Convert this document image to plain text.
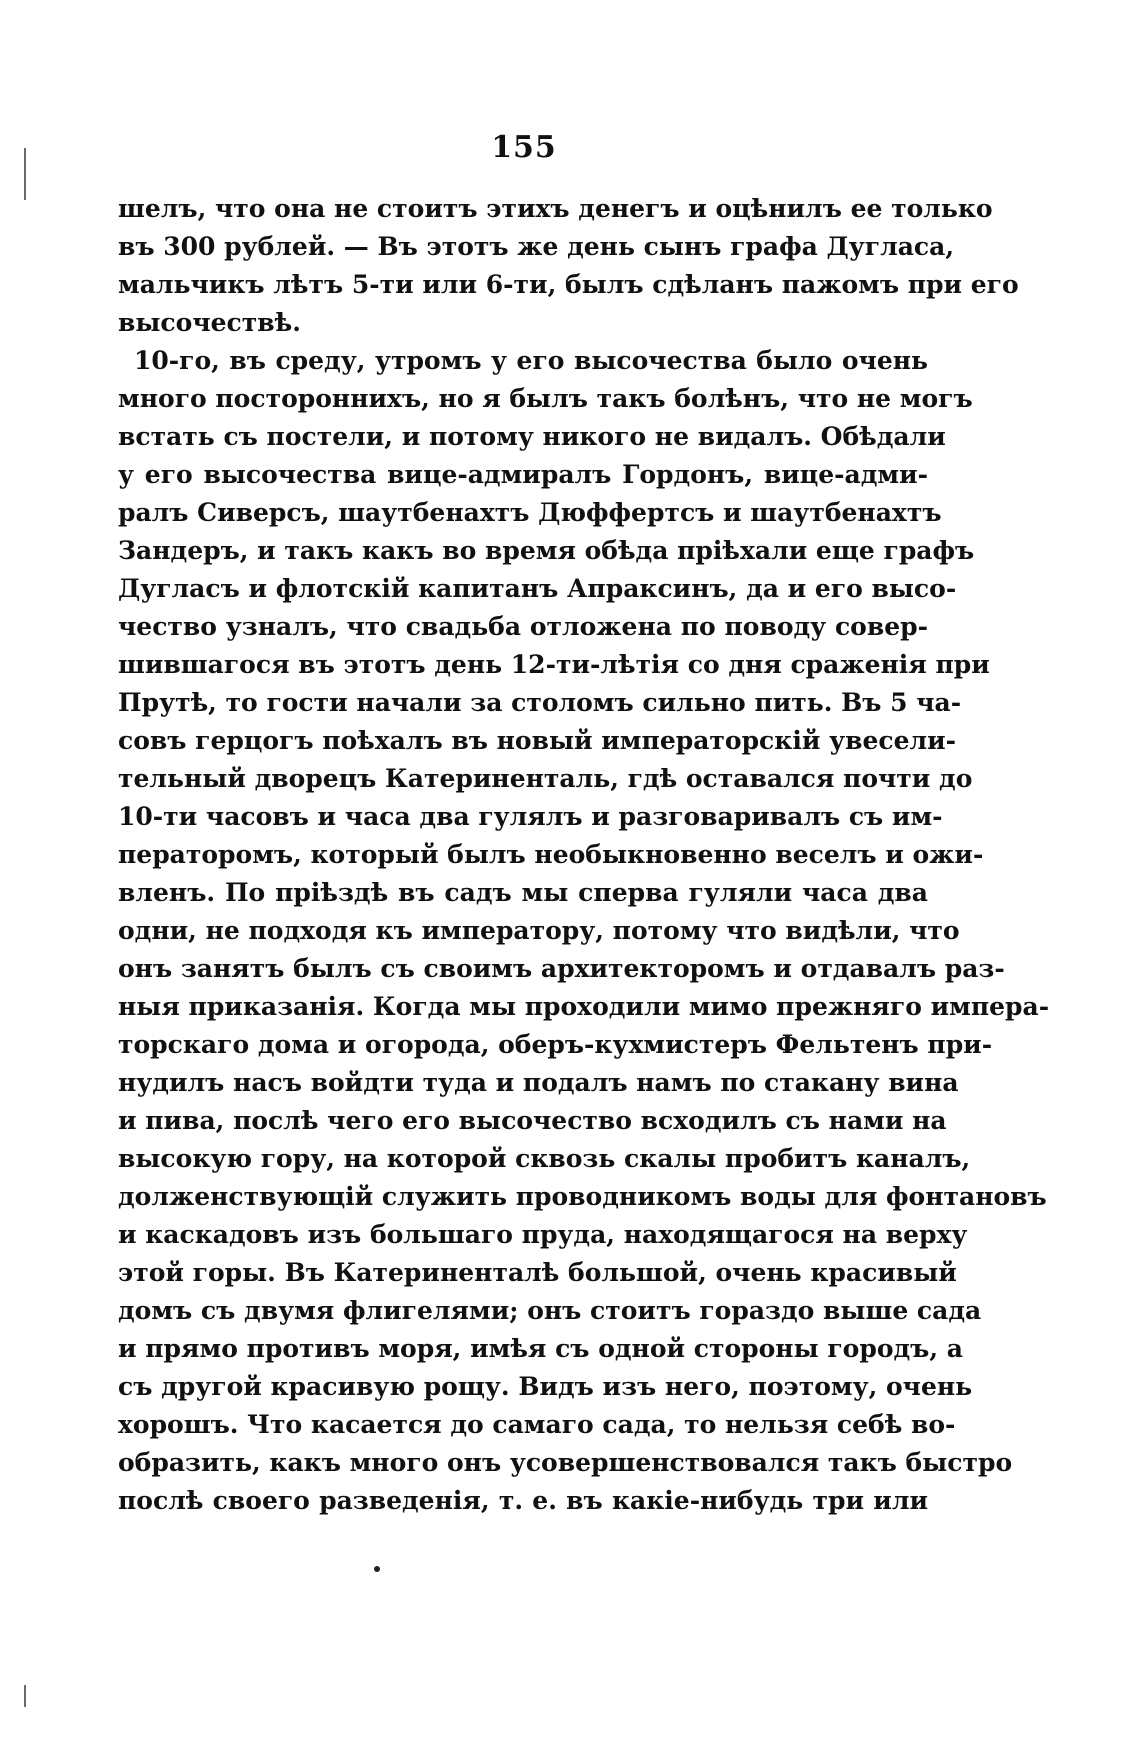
155
шелъ, что она не стоитъ этихъ денегъ и оцѣнилъ ее только
въ 300 рублей. — Въ этотъ же день сынъ графа Дугласа,
мальчикъ лѣтъ 5-ти или 6-ти, былъ сдѣланъ пажомъ при его
высочествѣ.
10-го, въ среду, утромъ у его высочества было очень
много постороннихъ, но я былъ такъ болѣнъ, что не могъ
встать съ постели, и потому никого не видалъ. Обѣдали
у его высочества вице-адмиралъ Гордонъ, вице-адми-
ралъ Сиверсъ, шаутбенахтъ Дюффертсъ и шаутбенахтъ
Зандеръ, и такъ какъ во время обѣда пріѣхали еще графъ
Дугласъ и флотскій капитанъ Апраксинъ, да и его высо-
чество узналъ, что свадьба отложена по поводу совер-
шившагося въ этотъ день 12-ти-лѣтія со дня сраженія при
Прутѣ, то гости начали за столомъ сильно пить. Въ 5 ча-
совъ герцогъ поѣхалъ въ новый императорскій увесели-
тельный дворецъ Катериненталь, гдѣ оставался почти до
10-ти часовъ и часа два гулялъ и разговаривалъ съ им-
ператоромъ, который былъ необыкновенно веселъ и ожи-
вленъ. По пріѣздѣ въ садъ мы сперва гуляли часа два
одни, не подходя къ императору, потому что видѣли, что
онъ занятъ былъ съ своимъ архитекторомъ и отдавалъ раз-
ныя приказанія. Когда мы проходили мимо прежняго импера-
торскаго дома и огорода, оберъ-кухмистеръ Фельтенъ при-
нудилъ насъ войдти туда и подалъ намъ по стакану вина
и пива, послѣ чего его высочество всходилъ съ нами на
высокую гору, на которой сквозь скалы пробитъ каналъ,
долженствующій служить проводникомъ воды для фонтановъ
и каскадовъ изъ большаго пруда, находящагося на верху
этой горы. Въ Катериненталѣ большой, очень красивый
домъ съ двумя флигелями; онъ стоитъ гораздо выше сада
и прямо противъ моря, имѣя съ одной стороны городъ, а
съ другой красивую рощу. Видъ изъ него, поэтому, очень
хорошъ. Что касается до самаго сада, то нельзя себѣ во-
образить, какъ много онъ усовершенствовался такъ быстро
послѣ своего разведенія, т. е. въ какіе-нибудь три или
